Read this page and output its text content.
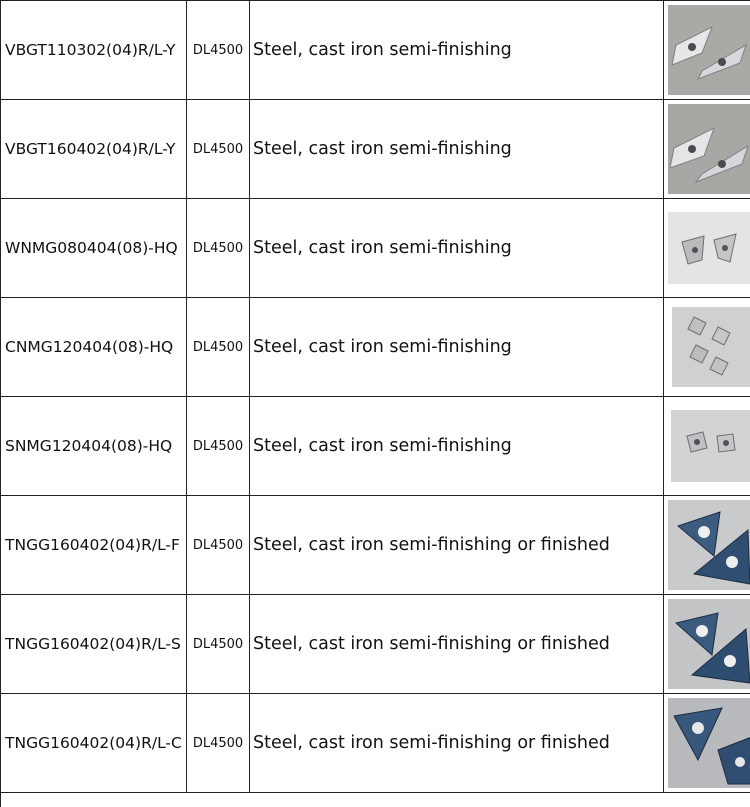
VBGT110302(04)R/L-Y	DL4500	Steel, cast iron semi-finishing	

VBGT160402(04)R/L-Y	DL4500	Steel, cast iron semi-finishing	

WNMG080404(08)-HQ	DL4500	Steel, cast iron semi-finishing	

CNMG120404(08)-HQ	DL4500	Steel, cast iron semi-finishing	

SNMG120404(08)-HQ	DL4500	Steel, cast iron semi-finishing	

TNGG160402(04)R/L-F	DL4500	Steel, cast iron semi-finishing or finished	

TNGG160402(04)R/L-S	DL4500	Steel, cast iron semi-finishing or finished	

TNGG160402(04)R/L-C	DL4500	Steel, cast iron semi-finishing or finished	
